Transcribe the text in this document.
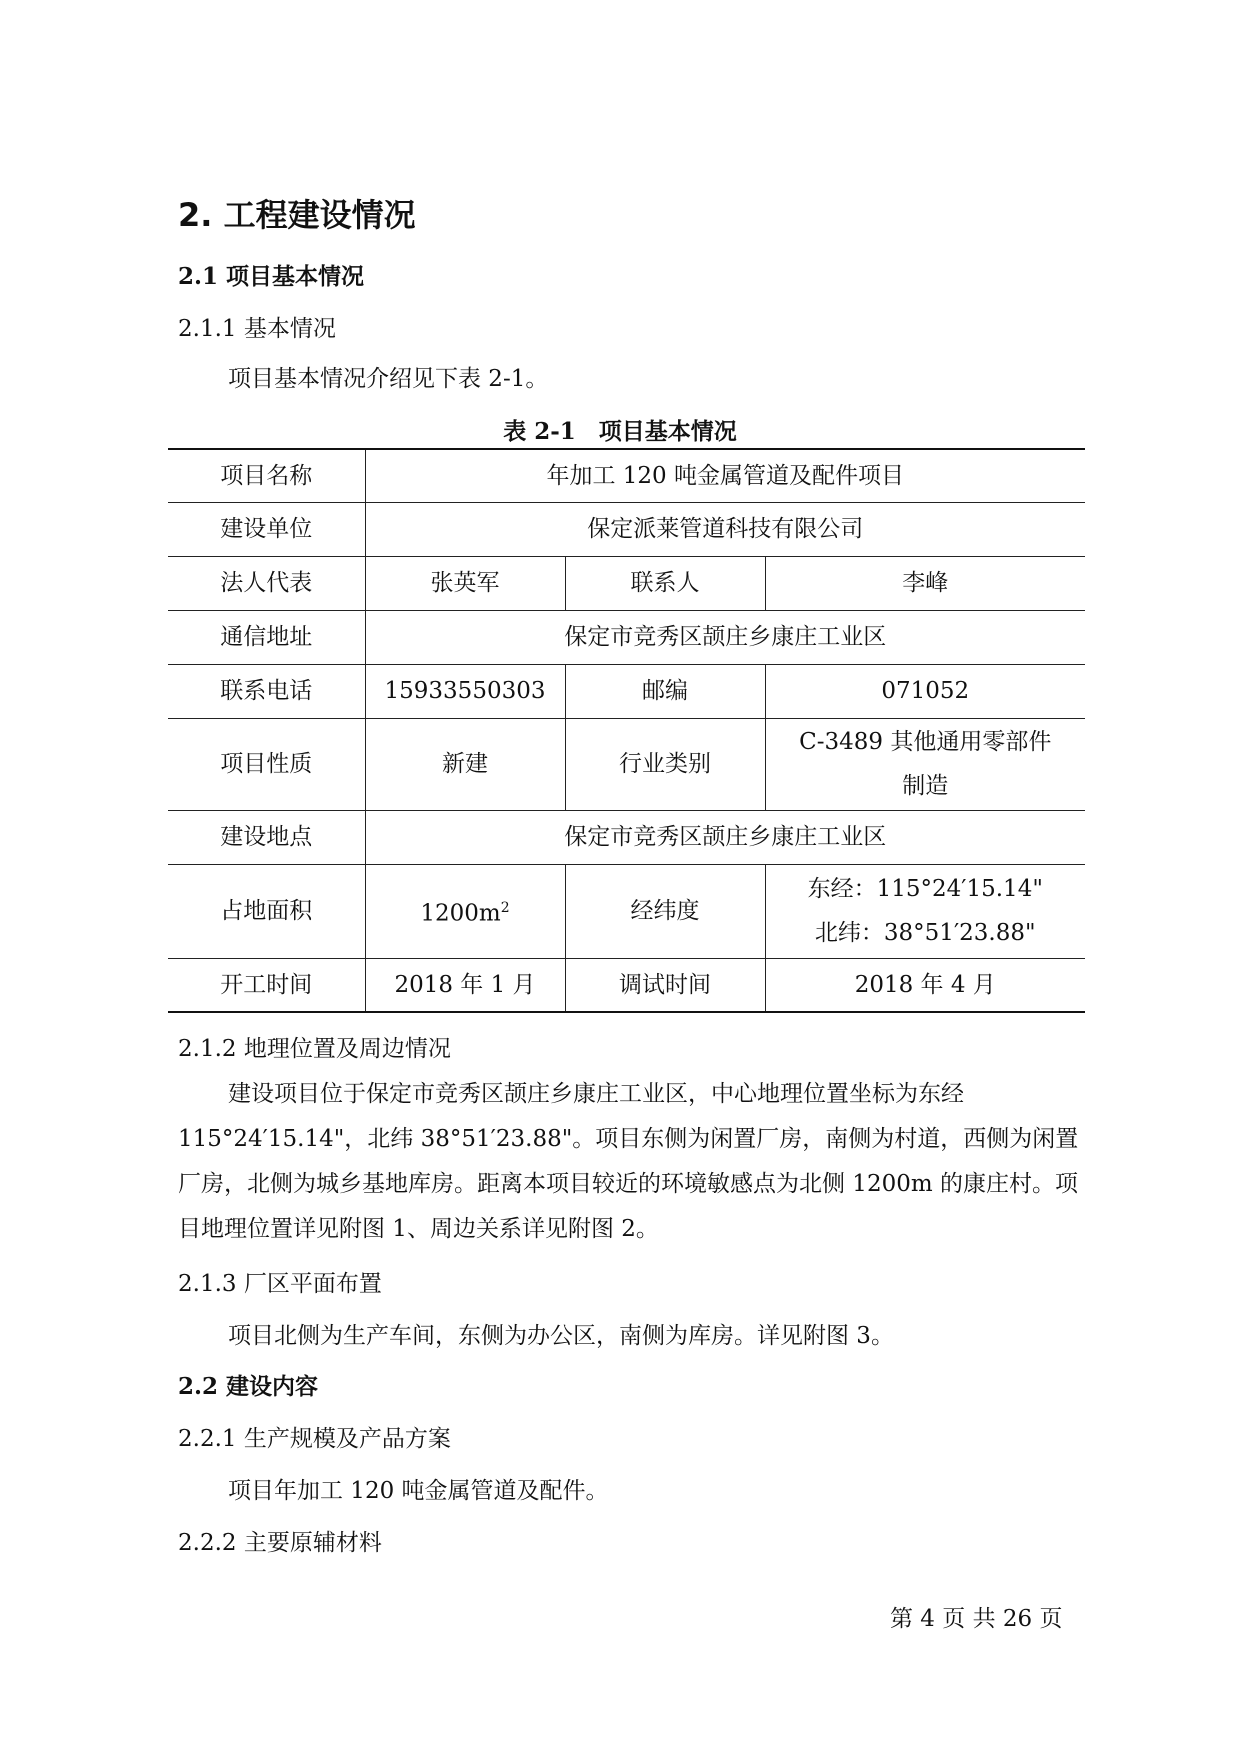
2. 工程建设情况
2.1 项目基本情况
2.1.1 基本情况
项目基本情况介绍见下表 2-1。
表 2-1　项目基本情况
项目名称	年加工 120 吨金属管道及配件项目		
建设单位	保定派莱管道科技有限公司		
法人代表	张英军	联系人	李峰
通信地址	保定市竞秀区颉庄乡康庄工业区		
联系电话	15933550303	邮编	071052
项目性质	新建	行业类别	C-3489 其他通用零部件
制造

建设地点	保定市竞秀区颉庄乡康庄工业区		
占地面积	$1200m^2$	经纬度	东经：115°24′15.14"
北纬：38°51′23.88"

开工时间	2018 年 1 月	调试时间	2018 年 4 月
2.1.2 地理位置及周边情况
建设项目位于保定市竞秀区颉庄乡康庄工业区，中心地理位置坐标为东经 115°24′15.14"，北纬 38°51′23.88"。项目东侧为闲置厂房，南侧为村道，西侧为闲置厂房，北侧为城乡基地库房。距离本项目较近的环境敏感点为北侧 1200m 的康庄村。项目地理位置详见附图 1、周边关系详见附图 2。
2.1.3 厂区平面布置
项目北侧为生产车间，东侧为办公区，南侧为库房。详见附图 3。
2.2 建设内容
2.2.1 生产规模及产品方案
项目年加工 120 吨金属管道及配件。
2.2.2 主要原辅材料
第 4 页 共 26 页
